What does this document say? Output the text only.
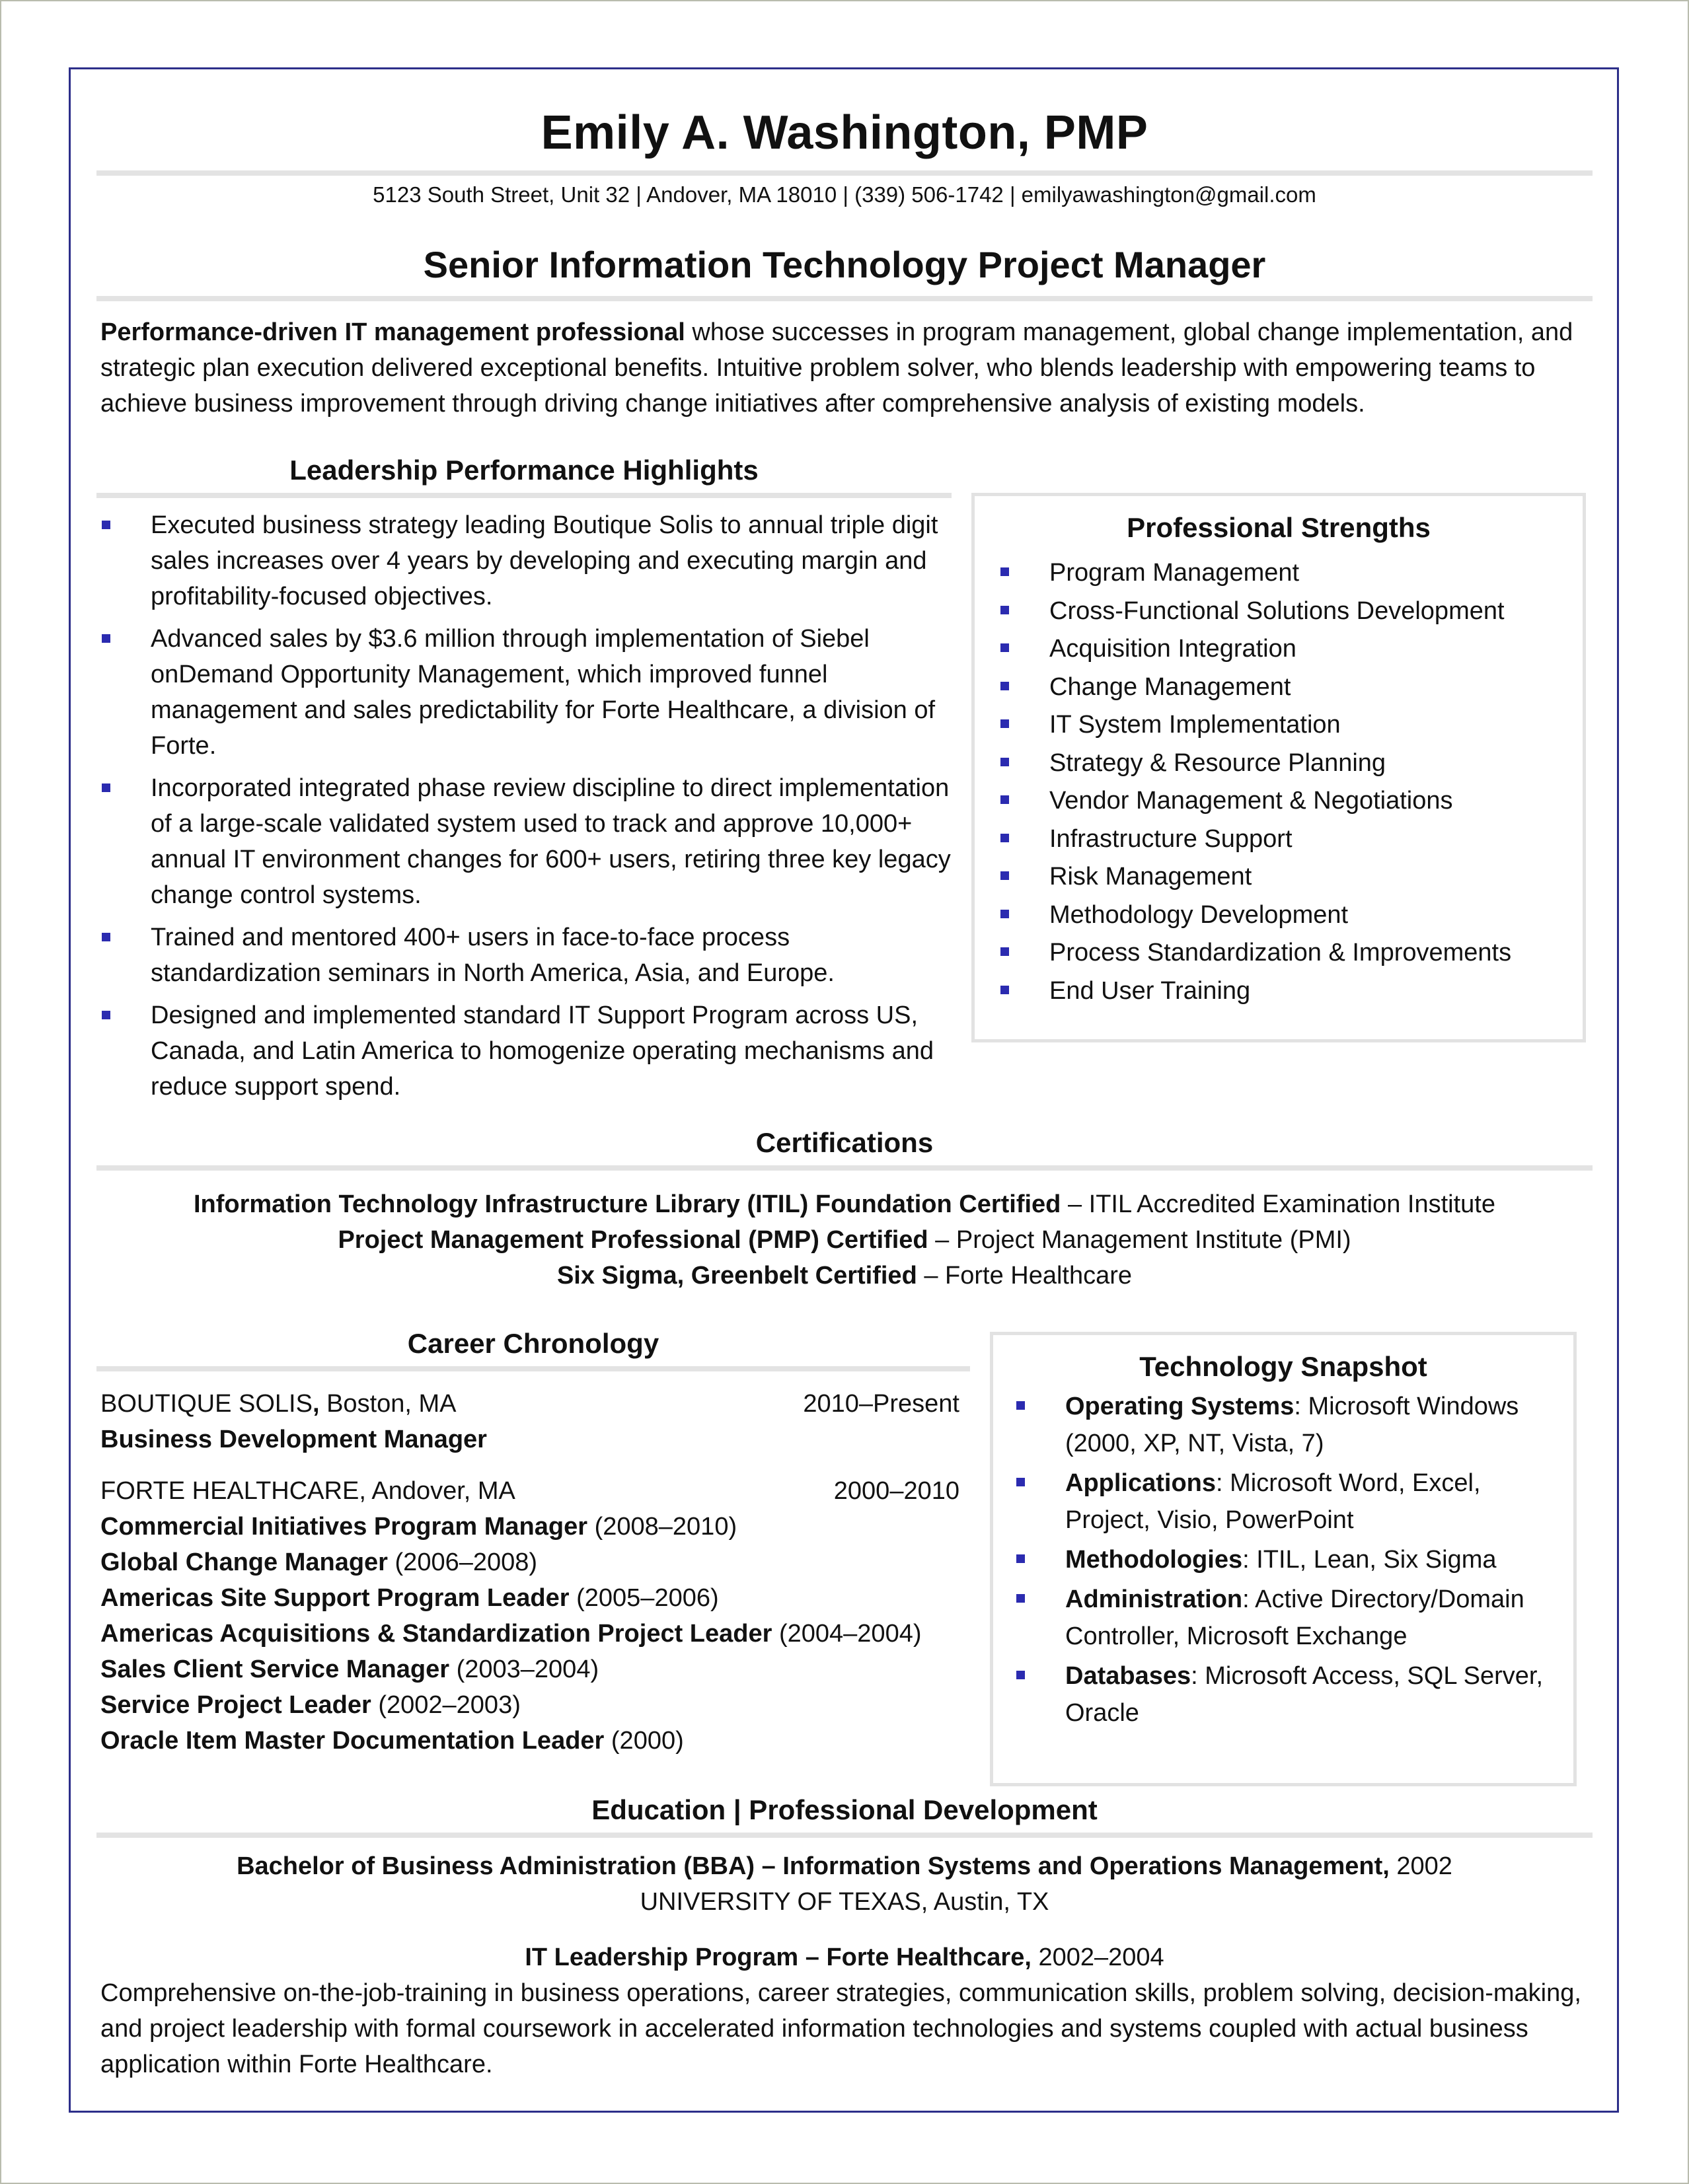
Emily A. Washington, PMP
5123 South Street, Unit 32 | Andover, MA 18010 | (339) 506-1742 | emilyawashington@gmail.com
Senior Information Technology Project Manager
Performance-driven IT management professional whose successes in program management, global change implementation, and strategic plan execution delivered exceptional benefits. Intuitive problem solver, who blends leadership with empowering teams to achieve business improvement through driving change initiatives after comprehensive analysis of existing models.
Leadership Performance Highlights
Executed business strategy leading Boutique Solis to annual triple digit sales increases over 4 years by developing and executing margin and profitability-focused objectives.
Advanced sales by $3.6 million through implementation of Siebel onDemand Opportunity Management, which improved funnel management and sales predictability for Forte Healthcare, a division of Forte.
Incorporated integrated phase review discipline to direct implementation of a large-scale validated system used to track and approve 10,000+ annual IT environment changes for 600+ users, retiring three key legacy change control systems.
Trained and mentored 400+ users in face-to-face process standardization seminars in North America, Asia, and Europe.
Designed and implemented standard IT Support Program across US, Canada, and Latin America to homogenize operating mechanisms and reduce support spend.
Professional Strengths
Program Management
Cross-Functional Solutions Development
Acquisition Integration
Change Management
IT System Implementation
Strategy & Resource Planning
Vendor Management & Negotiations
Infrastructure Support
Risk Management
Methodology Development
Process Standardization & Improvements
End User Training
Certifications
Information Technology Infrastructure Library (ITIL) Foundation Certified – ITIL Accredited Examination Institute
Project Management Professional (PMP) Certified – Project Management Institute (PMI)
Six Sigma, Greenbelt Certified – Forte Healthcare
Career Chronology
BOUTIQUE SOLIS, Boston, MA	2010–Present
Business Development Manager
FORTE HEALTHCARE, Andover, MA	2000–2010
Commercial Initiatives Program Manager (2008–2010)
Global Change Manager (2006–2008)
Americas Site Support Program Leader (2005–2006)
Americas Acquisitions & Standardization Project Leader (2004–2004)
Sales Client Service Manager (2003–2004)
Service Project Leader (2002–2003)
Oracle Item Master Documentation Leader (2000)
Technology Snapshot
Operating Systems: Microsoft Windows (2000, XP, NT, Vista, 7)
Applications: Microsoft Word, Excel, Project, Visio, PowerPoint
Methodologies: ITIL, Lean, Six Sigma
Administration: Active Directory/Domain Controller, Microsoft Exchange
Databases: Microsoft Access, SQL Server, Oracle
Education | Professional Development
Bachelor of Business Administration (BBA) – Information Systems and Operations Management, 2002
UNIVERSITY OF TEXAS, Austin, TX
IT Leadership Program – Forte Healthcare, 2002–2004
Comprehensive on-the-job-training in business operations, career strategies, communication skills, problem solving, decision-making, and project leadership with formal coursework in accelerated information technologies and systems coupled with actual business application within Forte Healthcare.
